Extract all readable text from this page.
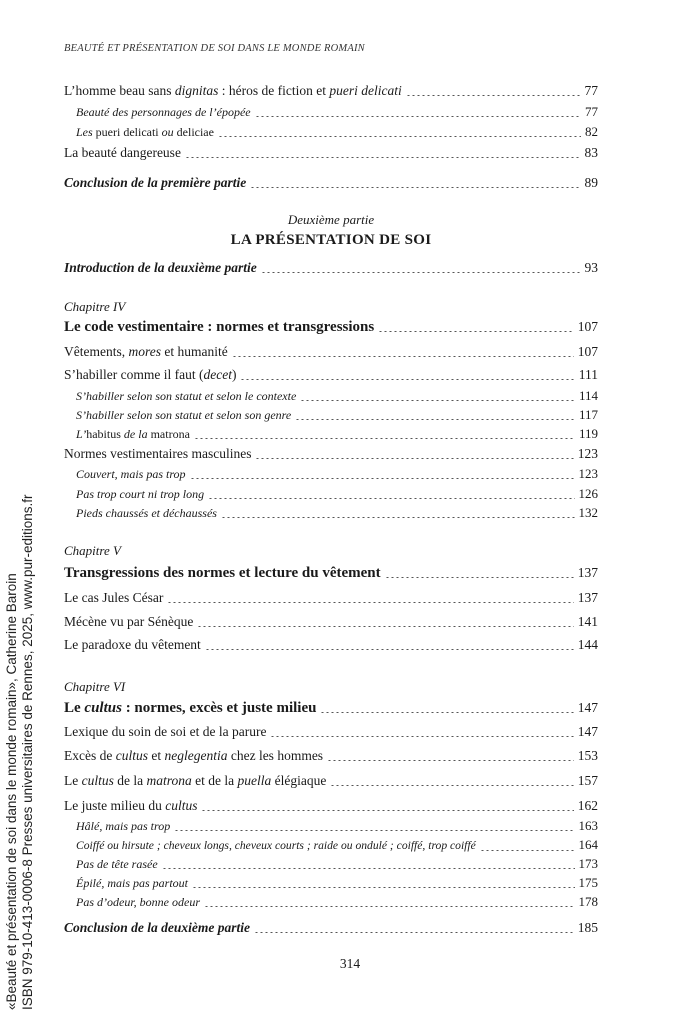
BEAUTÉ ET PRÉSENTATION DE SOI DANS LE MONDE ROMAIN
L’homme beau sans dignitas : héros de fiction et pueri delicati	77
Beauté des personnages de l’épopée	77
Les pueri delicati ou deliciae	82
La beauté dangereuse	83
Conclusion de la première partie	89
Deuxième partie
LA PRÉSENTATION DE SOI
Introduction de la deuxième partie	93
Chapitre IV
Le code vestimentaire : normes et transgressions	107
Vêtements, mores et humanité	107
S’habiller comme il faut (decet)	111
S’habiller selon son statut et selon le contexte	114
S’habiller selon son statut et selon son genre	117
L’habitus de la matrona	119
Normes vestimentaires masculines	123
Couvert, mais pas trop	123
Pas trop court ni trop long	126
Pieds chaussés et déchaussés	132
Chapitre V
Transgressions des normes et lecture du vêtement	137
Le cas Jules César	137
Mécène vu par Sénèque	141
Le paradoxe du vêtement	144
Chapitre VI
Le cultus : normes, excès et juste milieu	147
Lexique du soin de soi et de la parure	147
Excès de cultus et neglegentia chez les hommes	153
Le cultus de la matrona et de la puella élégiaque	157
Le juste milieu du cultus	162
Hâlé, mais pas trop	163
Coiffé ou hirsute ; cheveux longs, cheveux courts ; raide ou ondulé ; coiffé, trop coiffé	164
Pas de tête rasée	173
Épilé, mais pas partout	175
Pas d’odeur, bonne odeur	178
Conclusion de la deuxième partie	185
314
«Beauté et présentation de soi dans le monde romain», Catherine Baroin ISBN 979-10-413-0006-8 Presses universitaires de Rennes, 2025, www.pur-editions.fr
